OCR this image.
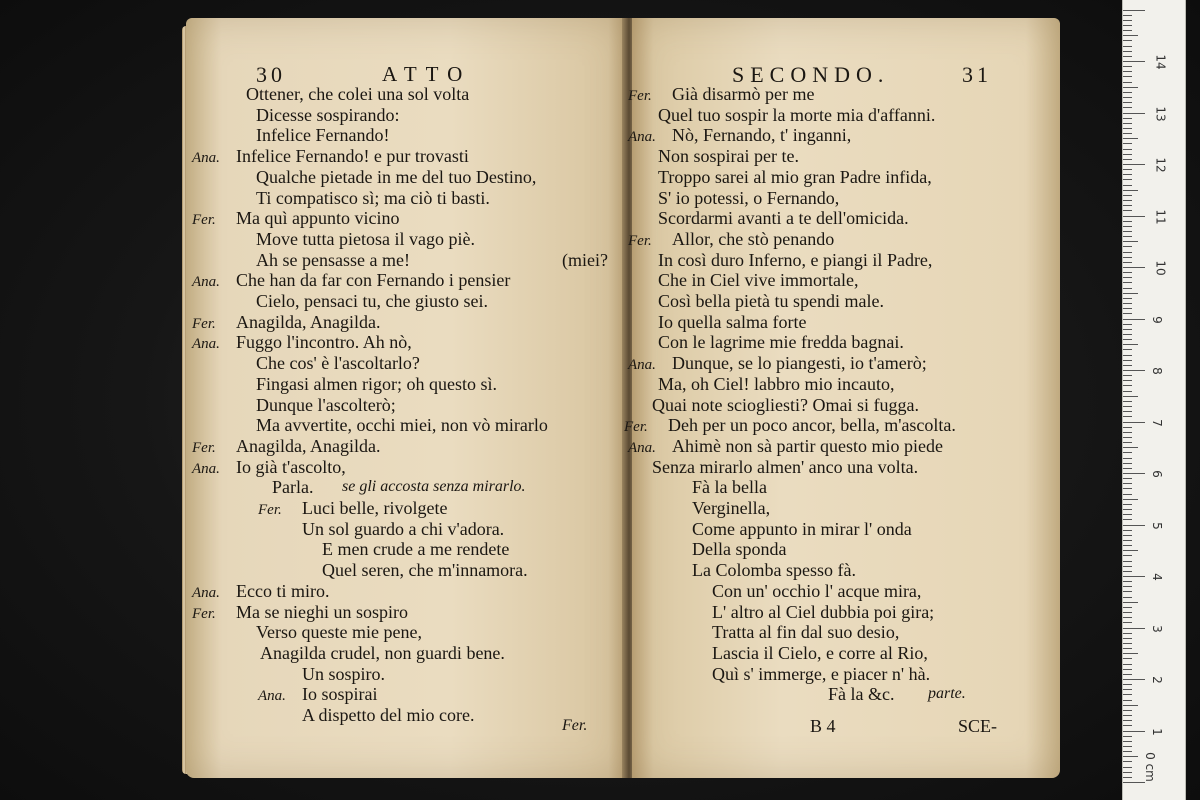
30	ATTO
Ottener, che colei una sol volta
Dicesse sospirando:
Infelice Fernando!
Ana. Infelice Fernando! e pur trovasti
Qualche pietade in me del tuo Destino,
Ti compatisco sì; ma ciò ti basti.
Fer. Ma quì appunto vicino
Move tutta pietosa il vago piè.
Ah se pensasse a me!	(miei?
Ana. Che han da far con Fernando i pensier
Cielo, pensaci tu, che giusto sei.
Fer. Anagilda, Anagilda.
Ana. Fuggo l'incontro. Ah nò,
Che cos' è l'ascoltarlo?
Fingasi almen rigor; oh questo sì.
Dunque l'ascolterò;
Ma avvertite, occhi miei, non vò mirarlo
Fer. Anagilda, Anagilda.
Ana. Io già t'ascolto,
Parla. se gli accosta senza mirarlo.
Fer. Luci belle, rivolgete
Un sol guardo a chi v'adora.
E men crude a me rendete
Quel seren, che m'innamora.
Ana. Ecco ti miro.
Fer. Ma se nieghi un sospiro
Verso queste mie pene,
Anagilda crudel, non guardi bene.
Un sospiro.
Ana. Io sospirai
A dispetto del mio core.
Fer.
SECONDO.	31
Fer. Già disarmò per me
Quel tuo sospir la morte mia d'affanni.
Ana. Nò, Fernando, t' inganni,
Non sospirai per te.
Troppo sarei al mio gran Padre infida,
S' io potessi, o Fernando,
Scordarmi avanti a te dell'omicida.
Fer. Allor, che stò penando
In così duro Inferno, e piangi il Padre,
Che in Ciel vive immortale,
Così bella pietà tu spendi male.
Io quella salma forte
Con le lagrime mie fredda bagnai.
Ana. Dunque, se lo piangesti, io t'amerò;
Ma, oh Ciel! labbro mio incauto,
Quai note sciogliesti? Omai si fugga.
Fer. Deh per un poco ancor, bella, m'ascolta.
Ana. Ahimè non sà partir questo mio piede
Senza mirarlo almen' anco una volta.
Fà la bella
Verginella,
Come appunto in mirar l' onda
Della sponda
La Colomba spesso fà.
Con un' occhio l' acque mira,
L' altro al Ciel dubbia poi gira;
Tratta al fin dal suo desio,
Lascia il Cielo, e corre al Rio,
Quì s' immerge, e piacer n' hà.
Fà la &c. parte.
B 4	SCE-
0 cm
1
2
3
4
5
6
7
8
9
10
11
12
13
14
